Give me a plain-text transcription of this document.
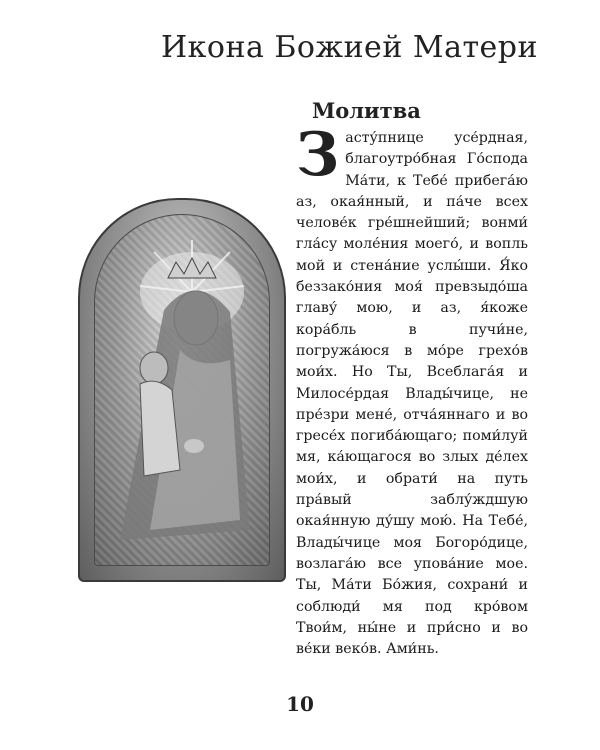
Икона Божией Матери
Молитва
Засту́пнице усе́рдная, благоутро́бная Го́спода Ма́ти, к Тебе́ прибега́ю аз, окая́нный, и па́че всех челове́к гре́шнейший; вонми́ гла́су моле́ния моего́, и вопль мой и стена́ние услы́ши. Я́ко беззако́ния моя́ превзыдо́ша главу́ мою, и аз, я́коже кора́бль в пучи́не, погружа́юся в мо́ре грехо́в мои́х. Но Ты, Всеблага́я и Милосе́рдая Влады́чице, не пре́зри мене́, отча́яннаго и во гресе́х погиба́ющаго; поми́луй мя, ка́ющагося во злых де́лех мои́х, и обрати́ на путь пра́вый заблу́ждшую окая́нную ду́шу мою́. На Тебе́, Влады́чице моя Богоро́дице, возлага́ю все упова́ние мое. Ты, Ма́ти Бо́жия, сохрани́ и соблюди́ мя под кро́вом Твои́м, ны́не и при́сно и во ве́ки веко́в. Ами́нь.
10
